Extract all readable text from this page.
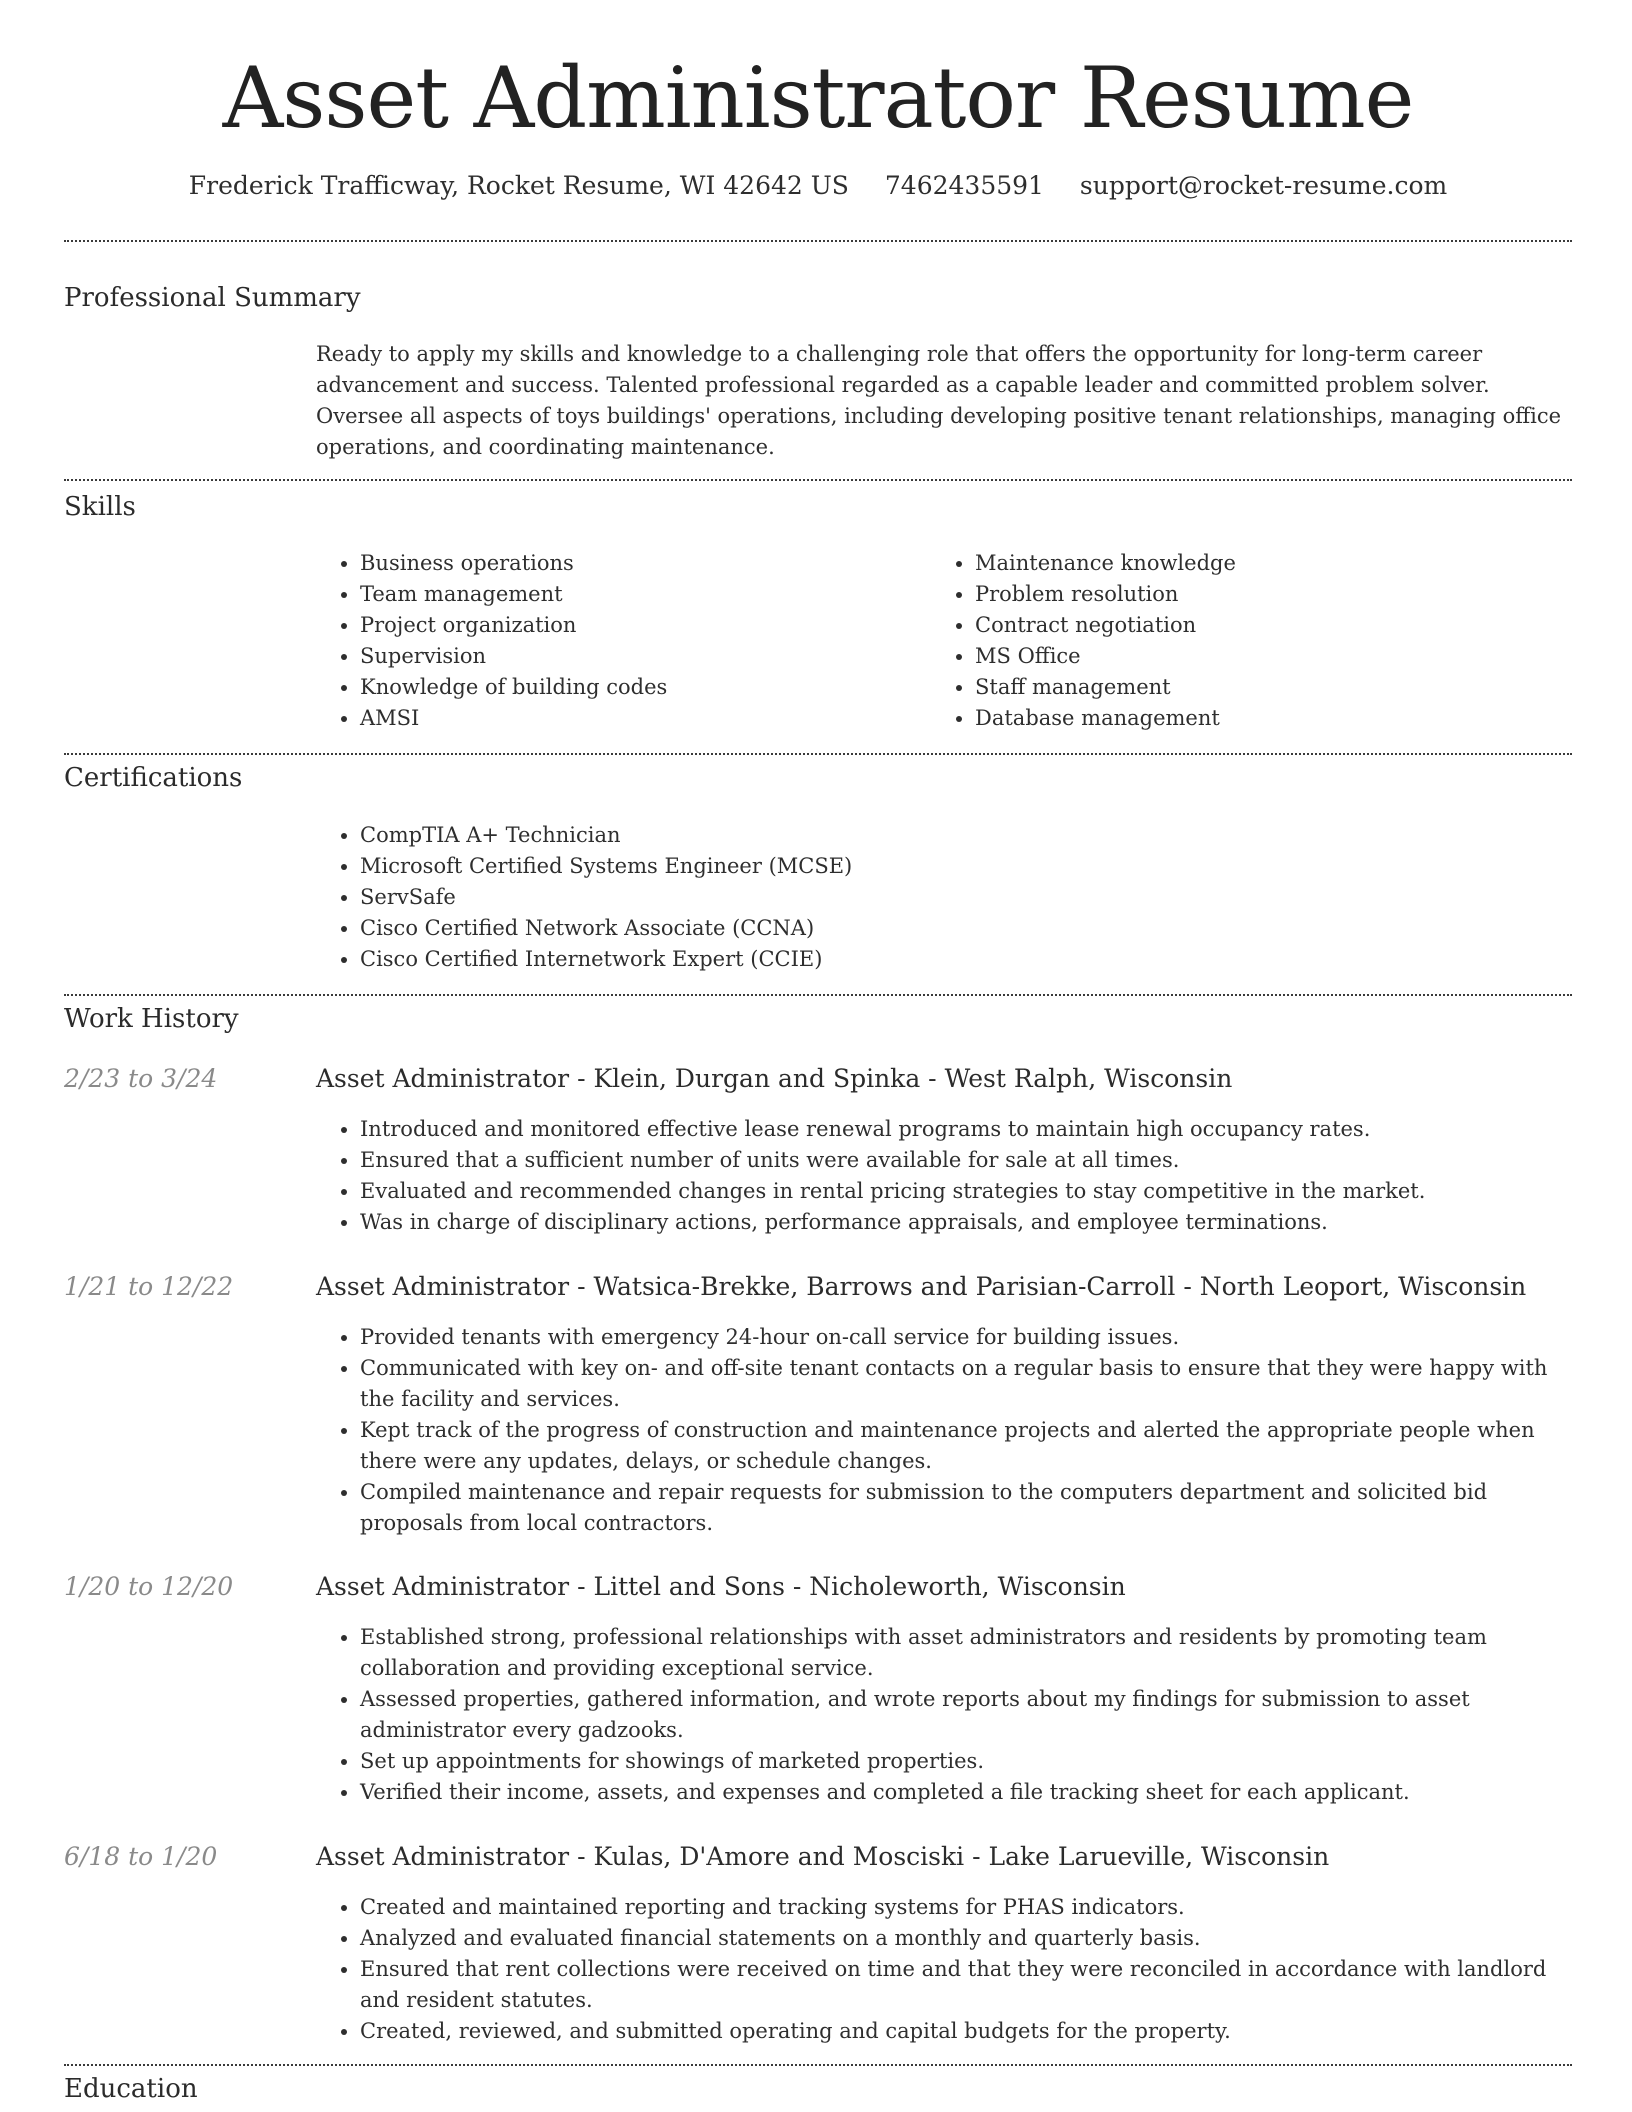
Asset Administrator Resume
Frederick Trafficway, Rocket Resume, WI 42642 US 7462435591 support@rocket-resume.com
Professional Summary
Ready to apply my skills and knowledge to a challenging role that offers the opportunity for long-term career advancement and success. Talented professional regarded as a capable leader and committed problem solver. Oversee all aspects of toys buildings' operations, including developing positive tenant relationships, managing office operations, and coordinating maintenance.
Skills
• Business operations
• Team management
• Project organization
• Supervision
• Knowledge of building codes
• AMSI
• Maintenance knowledge
• Problem resolution
• Contract negotiation
• MS Office
• Staff management
• Database management
Certifications
• CompTIA A+ Technician
• Microsoft Certified Systems Engineer (MCSE)
• ServSafe
• Cisco Certified Network Associate (CCNA)
• Cisco Certified Internetwork Expert (CCIE)
Work History
2/23 to 3/24	Asset Administrator - Klein, Durgan and Spinka - West Ralph, Wisconsin
• Introduced and monitored effective lease renewal programs to maintain high occupancy rates.
• Ensured that a sufficient number of units were available for sale at all times.
• Evaluated and recommended changes in rental pricing strategies to stay competitive in the market.
• Was in charge of disciplinary actions, performance appraisals, and employee terminations.
1/21 to 12/22	Asset Administrator - Watsica-Brekke, Barrows and Parisian-Carroll - North Leoport, Wisconsin
• Provided tenants with emergency 24-hour on-call service for building issues.
• Communicated with key on- and off-site tenant contacts on a regular basis to ensure that they were happy with the facility and services.
• Kept track of the progress of construction and maintenance projects and alerted the appropriate people when there were any updates, delays, or schedule changes.
• Compiled maintenance and repair requests for submission to the computers department and solicited bid proposals from local contractors.
1/20 to 12/20	Asset Administrator - Littel and Sons - Nicholeworth, Wisconsin
• Established strong, professional relationships with asset administrators and residents by promoting team collaboration and providing exceptional service.
• Assessed properties, gathered information, and wrote reports about my findings for submission to asset administrator every gadzooks.
• Set up appointments for showings of marketed properties.
• Verified their income, assets, and expenses and completed a file tracking sheet for each applicant.
6/18 to 1/20	Asset Administrator - Kulas, D'Amore and Mosciski - Lake Larueville, Wisconsin
• Created and maintained reporting and tracking systems for PHAS indicators.
• Analyzed and evaluated financial statements on a monthly and quarterly basis.
• Ensured that rent collections were received on time and that they were reconciled in accordance with landlord and resident statutes.
• Created, reviewed, and submitted operating and capital budgets for the property.
Education
